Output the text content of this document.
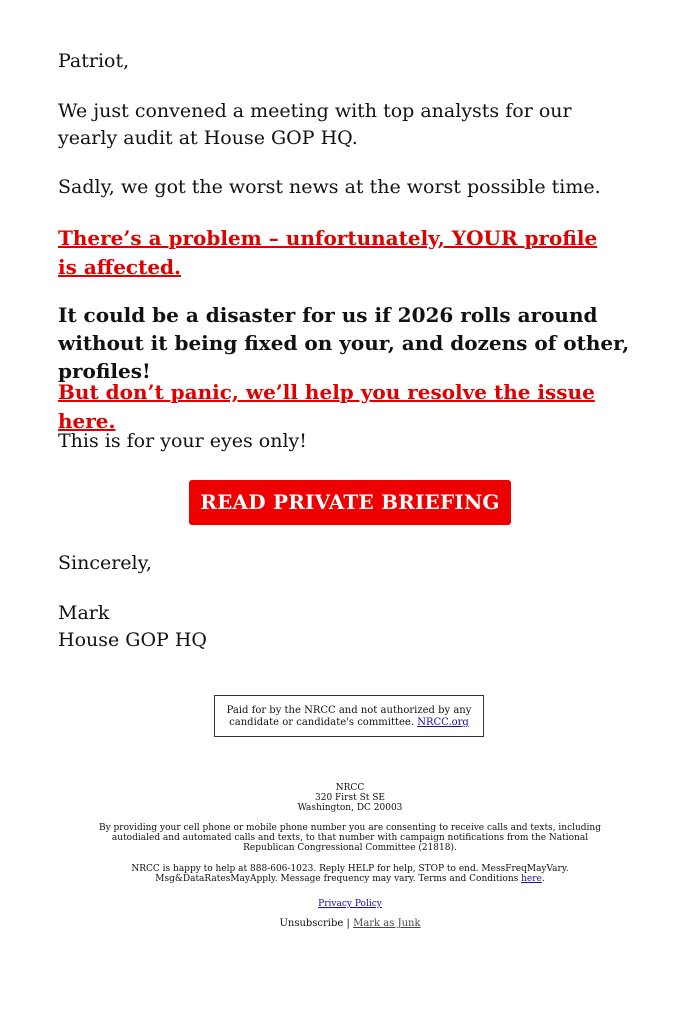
Patriot,

We just convened a meeting with top analysts for our yearly audit at House GOP HQ.

Sadly, we got the worst news at the worst possible time.

There’s a problem – unfortunately, YOUR profile is affected.

It could be a disaster for us if 2026 rolls around without it being fixed on your, and dozens of other, profiles!

But don’t panic, we’ll help you resolve the issue here.

This is for your eyes only!

Sincerely,

Mark

House GOP HQ

READ PRIVATE BRIEFING
Paid for by the NRCC and not authorized by any candidate or candidate's committee. NRCC.org
NRCC
320 First St SE
Washington, DC 20003
By providing your cell phone or mobile phone number you are consenting to receive calls and texts, including autodialed and automated calls and texts, to that number with campaign notifications from the National Republican Congressional Committee (21818).
NRCC is happy to help at 888-606-1023. Reply HELP for help, STOP to end. MessFreqMayVary. Msg&DataRatesMayApply. Message frequency may vary. Terms and Conditions here.
Privacy Policy
Unsubscribe | Mark as Junk
